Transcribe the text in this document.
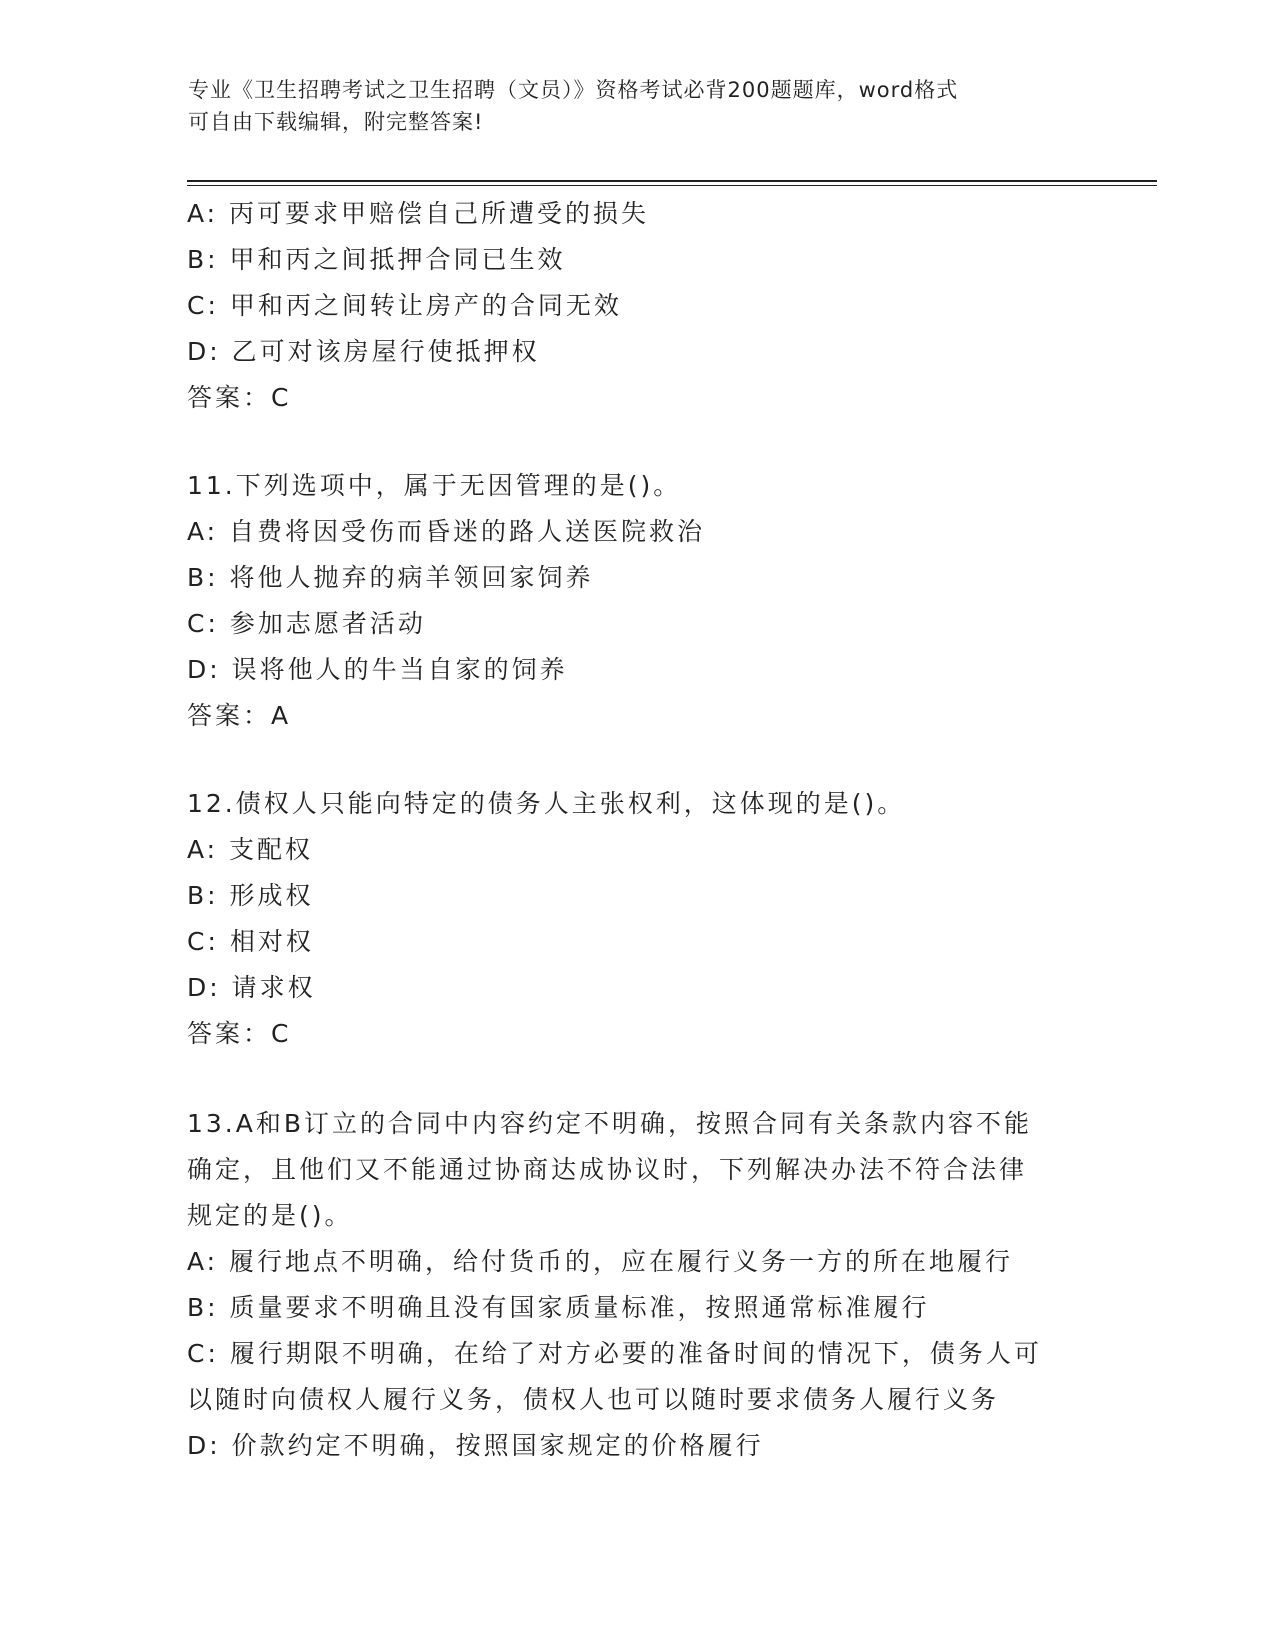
专业《卫生招聘考试之卫生招聘（文员）》资格考试必背200题题库，word格式
可自由下载编辑，附完整答案!
A: 丙可要求甲赔偿自己所遭受的损失
B: 甲和丙之间抵押合同已生效
C: 甲和丙之间转让房产的合同无效
D: 乙可对该房屋行使抵押权
答案：C
11.下列选项中，属于无因管理的是()。
A: 自费将因受伤而昏迷的路人送医院救治
B: 将他人抛弃的病羊领回家饲养
C: 参加志愿者活动
D: 误将他人的牛当自家的饲养
答案：A
12.债权人只能向特定的债务人主张权利，这体现的是()。
A: 支配权
B: 形成权
C: 相对权
D: 请求权
答案：C
13.A和B订立的合同中内容约定不明确，按照合同有关条款内容不能
确定，且他们又不能通过协商达成协议时，下列解决办法不符合法律
规定的是()。
A: 履行地点不明确，给付货币的，应在履行义务一方的所在地履行
B: 质量要求不明确且没有国家质量标准，按照通常标准履行
C: 履行期限不明确，在给了对方必要的准备时间的情况下，债务人可
以随时向债权人履行义务，债权人也可以随时要求债务人履行义务
D: 价款约定不明确，按照国家规定的价格履行
